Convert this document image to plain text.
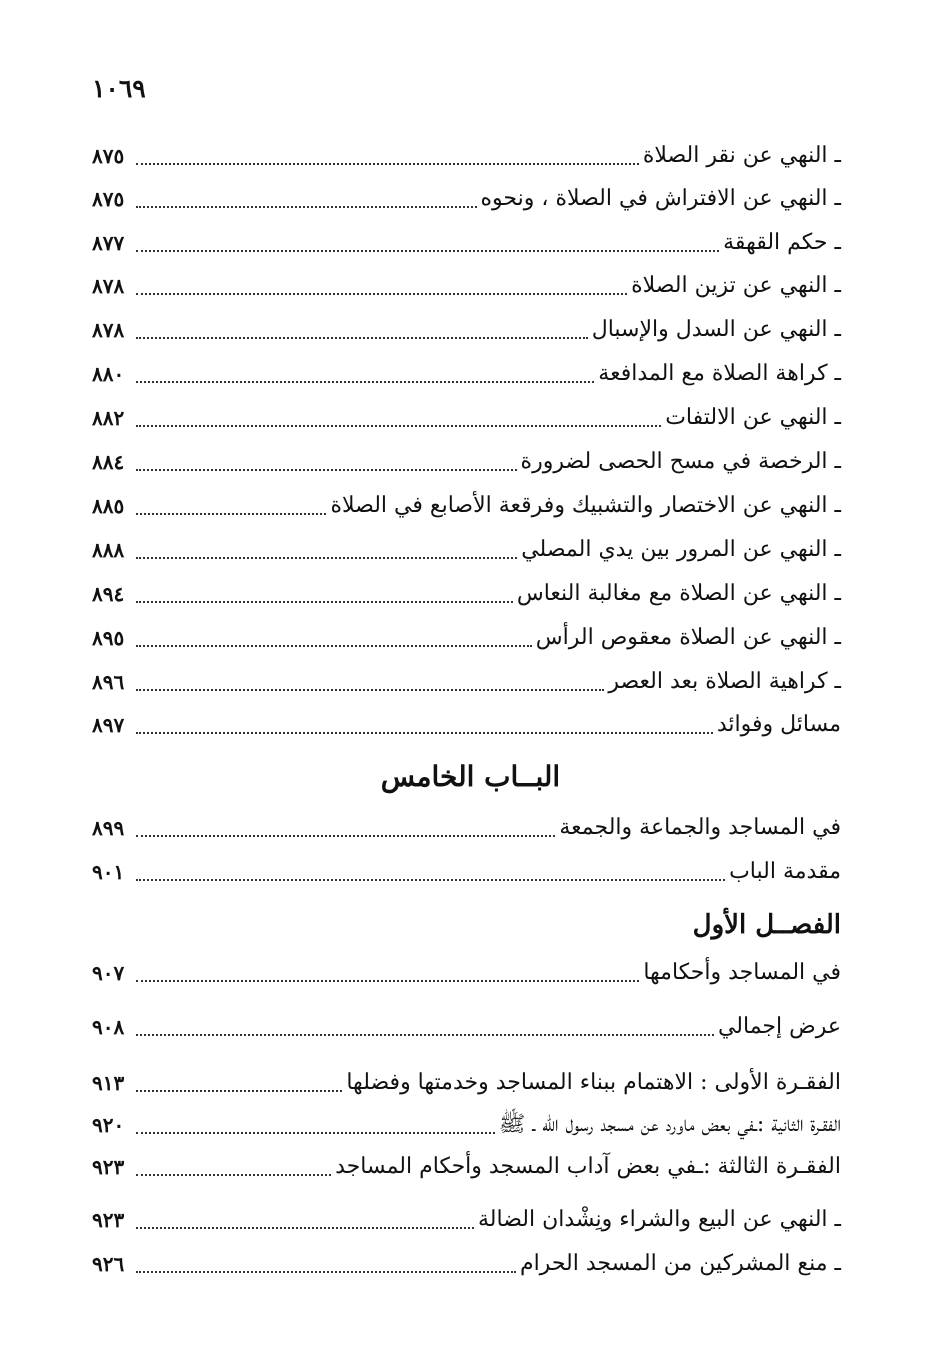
١٠٦٩
ـ النهي عن نقر الصلاة
٨٧٥
ـ النهي عن الافتراش في الصلاة ، ونحوه
٨٧٥
ـ حكم القهقة
٨٧٧
ـ النهي عن تزين الصلاة
٨٧٨
ـ النهي عن السدل والإسبال
٨٧٨
ـ كراهة الصلاة مع المدافعة
٨٨٠
ـ النهي عن الالتفات
٨٨٢
ـ الرخصة في مسح الحصى لضرورة
٨٨٤
ـ النهي عن الاختصار والتشبيك وفرقعة الأصابع في الصلاة
٨٨٥
ـ النهي عن المرور بين يدي المصلي
٨٨٨
ـ النهي عن الصلاة مع مغالبة النعاس
٨٩٤
ـ النهي عن الصلاة معقوص الرأس
٨٩٥
ـ كراهية الصلاة بعد العصر
٨٩٦
مسائل وفوائد
٨٩٧
البــاب الخامس
في المساجد والجماعة والجمعة
٨٩٩
مقدمة الباب
٩٠١
الفصــل الأول
في المساجد وأحكامها
٩٠٧
عرض إجمالي
٩٠٨
الفقـرة الأولى : الاهتمام ببناء المساجد وخدمتها وفضلها
٩١٣
الفقـرة الثانية :ـفي بعض ماورد عن مسجد رسول الله ـ ﷺ
٩٢٠
الفقـرة الثالثة :ـفي بعض آداب المسجد وأحكام المساجد
٩٢٣
ـ النهي عن البيع والشراء ونِشْدان الضالة
٩٢٣
ـ منع المشركين من المسجد الحرام
٩٢٦
